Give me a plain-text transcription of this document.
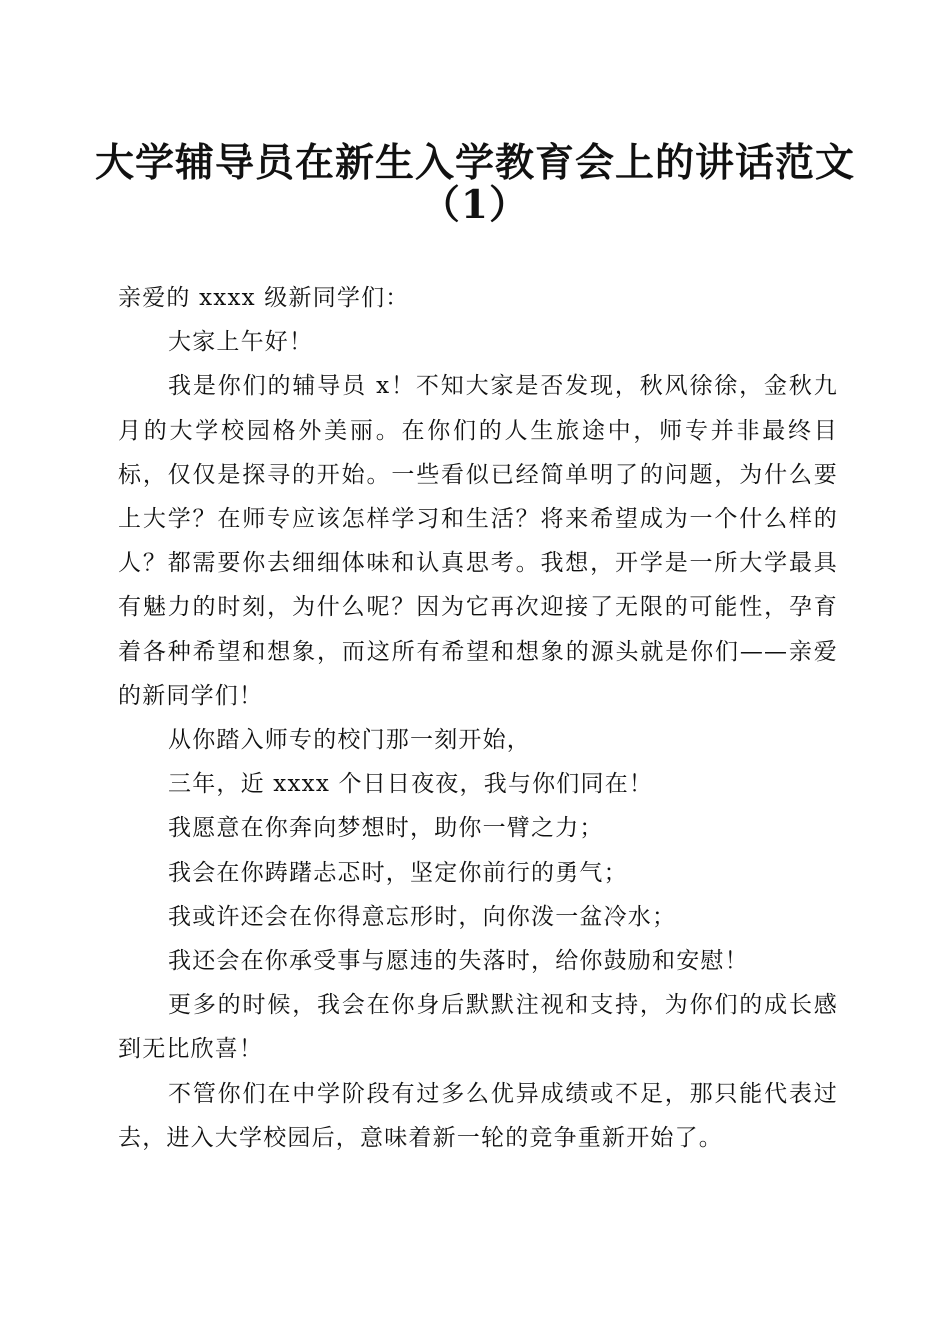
大学辅导员在新生入学教育会上的讲话范文
（1）

亲爱的 xxxx 级新同学们：

大家上午好！

我是你们的辅导员 x！不知大家是否发现，秋风徐徐，金秋九月的大学校园格外美丽。在你们的人生旅途中，师专并非最终目标，仅仅是探寻的开始。一些看似已经简单明了的问题，为什么要上大学？在师专应该怎样学习和生活？将来希望成为一个什么样的人？都需要你去细细体味和认真思考。我想，开学是一所大学最具有魅力的时刻，为什么呢？因为它再次迎接了无限的可能性，孕育着各种希望和想象，而这所有希望和想象的源头就是你们——亲爱的新同学们！

从你踏入师专的校门那一刻开始，

三年，近 xxxx 个日日夜夜，我与你们同在！

我愿意在你奔向梦想时，助你一臂之力；

我会在你踌躇忐忑时，坚定你前行的勇气；

我或许还会在你得意忘形时，向你泼一盆冷水；

我还会在你承受事与愿违的失落时，给你鼓励和安慰！

更多的时候，我会在你身后默默注视和支持，为你们的成长感到无比欣喜！

不管你们在中学阶段有过多么优异成绩或不足，那只能代表过去，进入大学校园后，意味着新一轮的竞争重新开始了。
